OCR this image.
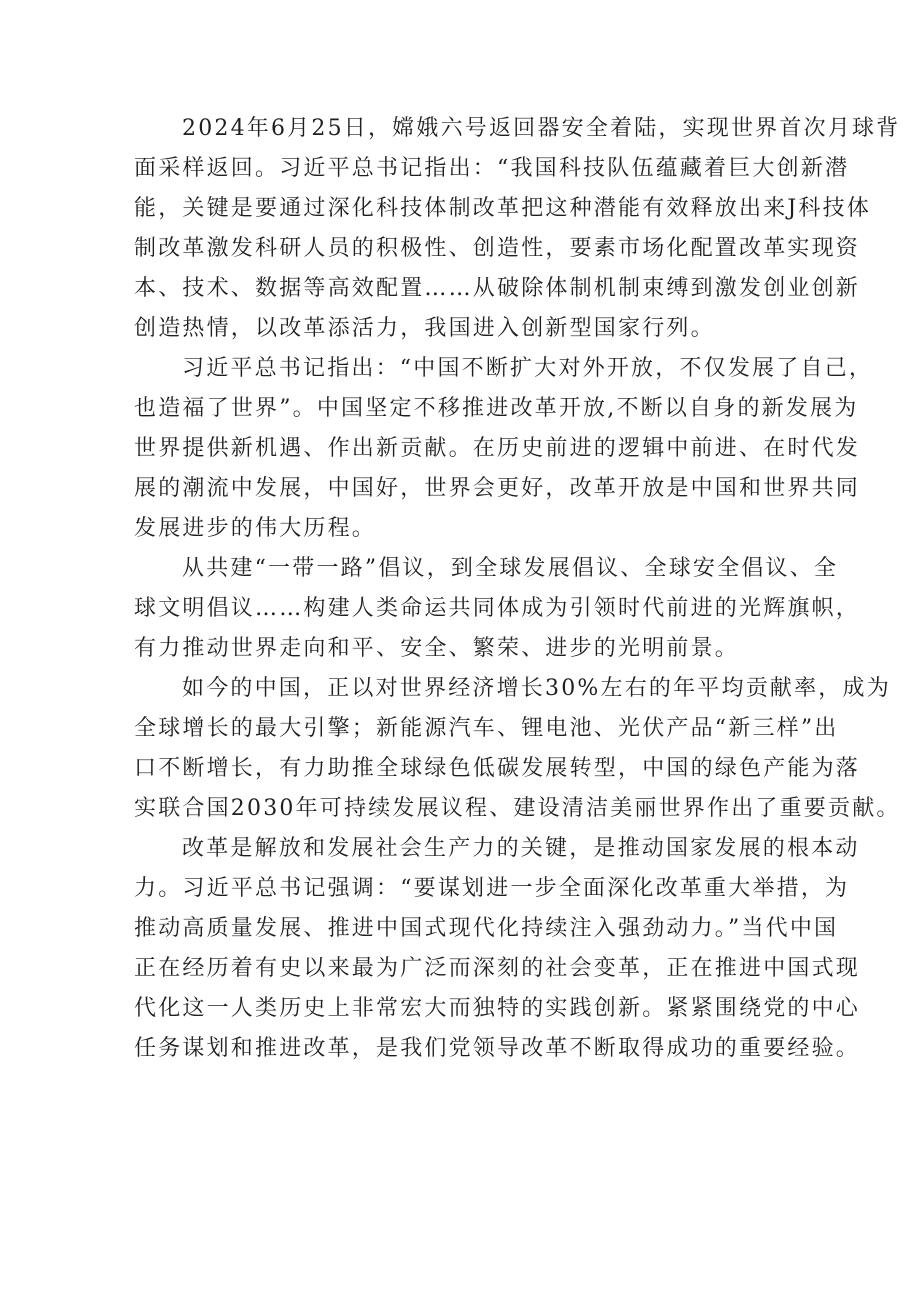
2024年6月25日，嫦娥六号返回器安全着陆，实现世界首次月球背
面采样返回。习近平总书记指出：“我国科技队伍蕴藏着巨大创新潜
能，关键是要通过深化科技体制改革把这种潜能有效释放出来J科技体
制改革激发科研人员的积极性、创造性，要素市场化配置改革实现资
本、技术、数据等高效配置……从破除体制机制束缚到激发创业创新
创造热情，以改革添活力，我国进入创新型国家行列。
习近平总书记指出：“中国不断扩大对外开放，不仅发展了自己，
也造福了世界”。中国坚定不移推进改革开放,不断以自身的新发展为
世界提供新机遇、作出新贡献。在历史前进的逻辑中前进、在时代发
展的潮流中发展，中国好，世界会更好，改革开放是中国和世界共同
发展进步的伟大历程。
从共建“一带一路”倡议，到全球发展倡议、全球安全倡议、全
球文明倡议……构建人类命运共同体成为引领时代前进的光辉旗帜，
有力推动世界走向和平、安全、繁荣、进步的光明前景。
如今的中国，正以对世界经济增长30%左右的年平均贡献率，成为
全球增长的最大引擎；新能源汽车、锂电池、光伏产品“新三样”出
口不断增长，有力助推全球绿色低碳发展转型，中国的绿色产能为落
实联合国2030年可持续发展议程、建设清洁美丽世界作出了重要贡献。
改革是解放和发展社会生产力的关键，是推动国家发展的根本动
力。习近平总书记强调：“要谋划进一步全面深化改革重大举措，为
推动高质量发展、推进中国式现代化持续注入强劲动力。”当代中国
正在经历着有史以来最为广泛而深刻的社会变革，正在推进中国式现
代化这一人类历史上非常宏大而独特的实践创新。紧紧围绕党的中心
任务谋划和推进改革，是我们党领导改革不断取得成功的重要经验。
